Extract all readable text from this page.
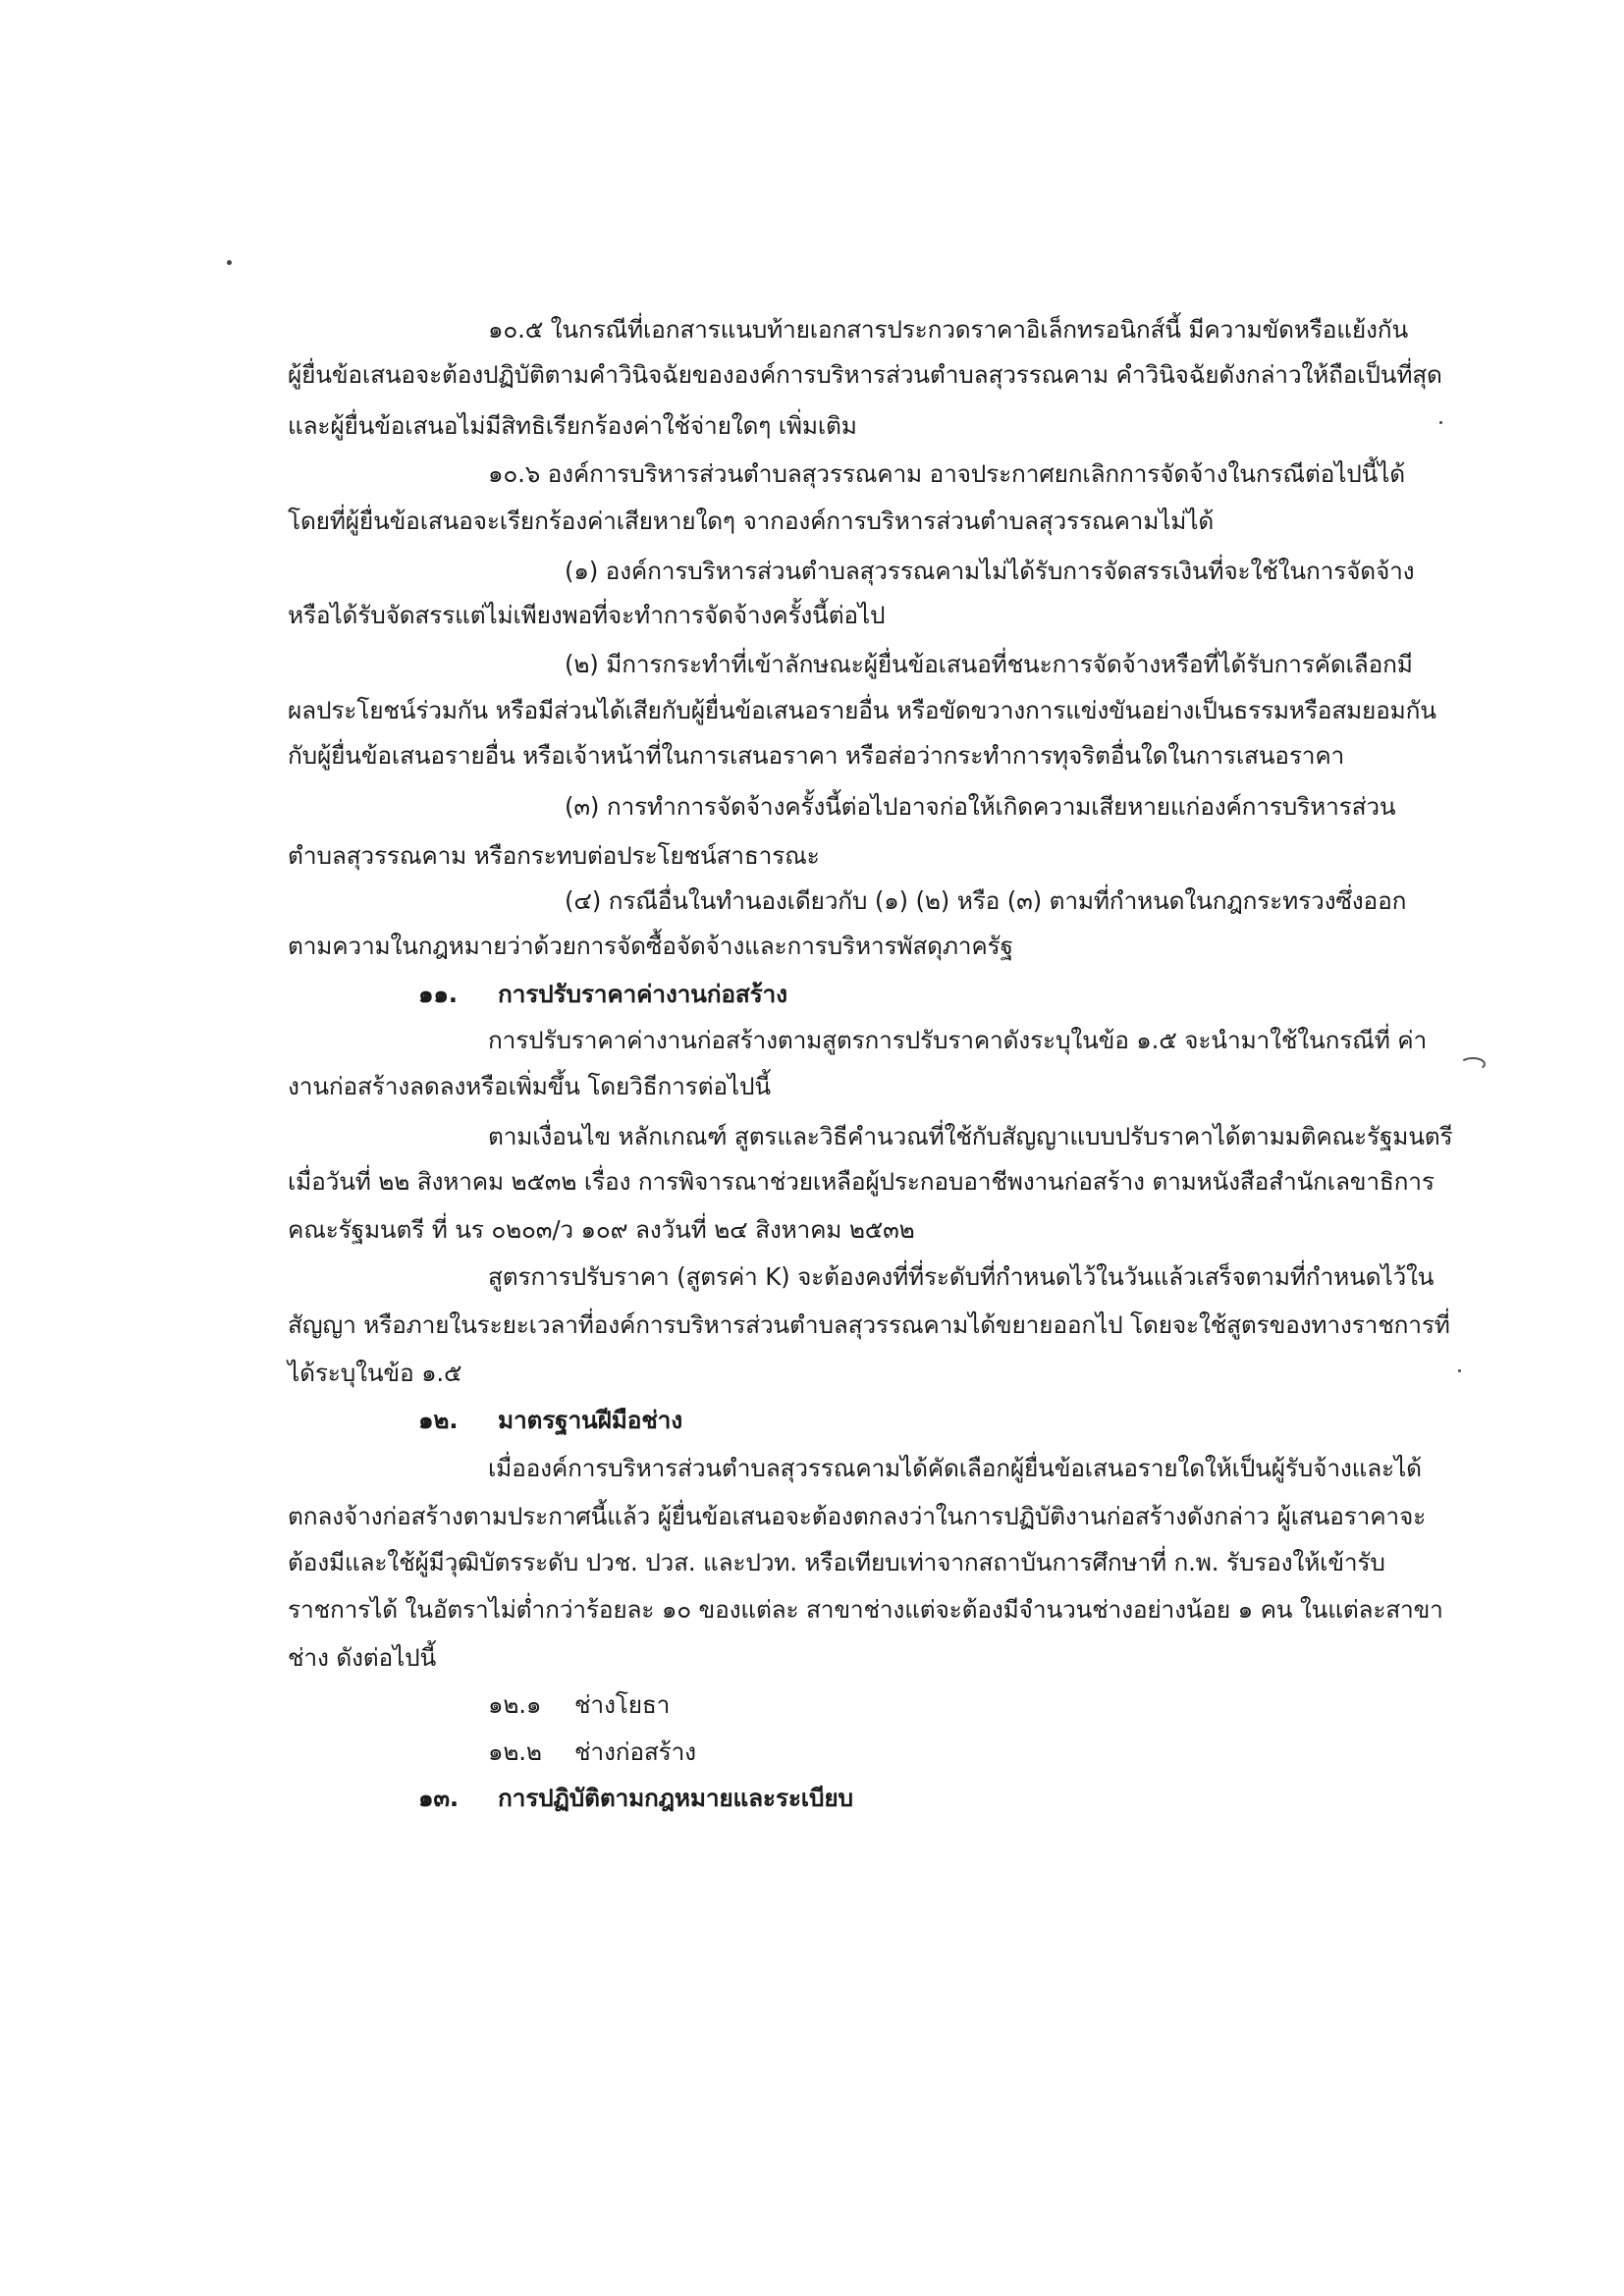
๑๐.๕ ในกรณีที่เอกสารแนบท้ายเอกสารประกวดราคาอิเล็กทรอนิกส์นี้ มีความขัดหรือแย้งกัน
ผู้ยื่นข้อเสนอจะต้องปฏิบัติตามคำวินิจฉัยขององค์การบริหารส่วนตำบลสุวรรณคาม คำวินิจฉัยดังกล่าวให้ถือเป็นที่สุด
และผู้ยื่นข้อเสนอไม่มีสิทธิเรียกร้องค่าใช้จ่ายใดๆ เพิ่มเติม
๑๐.๖ องค์การบริหารส่วนตำบลสุวรรณคาม อาจประกาศยกเลิกการจัดจ้างในกรณีต่อไปนี้ได้
โดยที่ผู้ยื่นข้อเสนอจะเรียกร้องค่าเสียหายใดๆ จากองค์การบริหารส่วนตำบลสุวรรณคามไม่ได้
(๑) องค์การบริหารส่วนตำบลสุวรรณคามไม่ได้รับการจัดสรรเงินที่จะใช้ในการจัดจ้าง
หรือได้รับจัดสรรแต่ไม่เพียงพอที่จะทำการจัดจ้างครั้งนี้ต่อไป
(๒) มีการกระทำที่เข้าลักษณะผู้ยื่นข้อเสนอที่ชนะการจัดจ้างหรือที่ได้รับการคัดเลือกมี
ผลประโยชน์ร่วมกัน หรือมีส่วนได้เสียกับผู้ยื่นข้อเสนอรายอื่น หรือขัดขวางการแข่งขันอย่างเป็นธรรมหรือสมยอมกัน
กับผู้ยื่นข้อเสนอรายอื่น หรือเจ้าหน้าที่ในการเสนอราคา หรือส่อว่ากระทำการทุจริตอื่นใดในการเสนอราคา
(๓) การทำการจัดจ้างครั้งนี้ต่อไปอาจก่อให้เกิดความเสียหายแก่องค์การบริหารส่วน
ตำบลสุวรรณคาม หรือกระทบต่อประโยชน์สาธารณะ
(๔) กรณีอื่นในทำนองเดียวกับ (๑) (๒) หรือ (๓) ตามที่กำหนดในกฎกระทรวงซึ่งออก
ตามความในกฎหมายว่าด้วยการจัดซื้อจัดจ้างและการบริหารพัสดุภาครัฐ
๑๑. การปรับราคาค่างานก่อสร้าง
การปรับราคาค่างานก่อสร้างตามสูตรการปรับราคาดังระบุในข้อ ๑.๕ จะนำมาใช้ในกรณีที่ ค่า
งานก่อสร้างลดลงหรือเพิ่มขึ้น โดยวิธีการต่อไปนี้
ตามเงื่อนไข หลักเกณฑ์ สูตรและวิธีคำนวณที่ใช้กับสัญญาแบบปรับราคาได้ตามมติคณะรัฐมนตรี
เมื่อวันที่ ๒๒ สิงหาคม ๒๕๓๒ เรื่อง การพิจารณาช่วยเหลือผู้ประกอบอาชีพงานก่อสร้าง ตามหนังสือสำนักเลขาธิการ
คณะรัฐมนตรี ที่ นร ๐๒๐๓/ว ๑๐๙ ลงวันที่ ๒๔ สิงหาคม ๒๕๓๒
สูตรการปรับราคา (สูตรค่า K) จะต้องคงที่ที่ระดับที่กำหนดไว้ในวันแล้วเสร็จตามที่กำหนดไว้ใน
สัญญา หรือภายในระยะเวลาที่องค์การบริหารส่วนตำบลสุวรรณคามได้ขยายออกไป โดยจะใช้สูตรของทางราชการที่
ได้ระบุในข้อ ๑.๕
๑๒. มาตรฐานฝีมือช่าง
เมื่อองค์การบริหารส่วนตำบลสุวรรณคามได้คัดเลือกผู้ยื่นข้อเสนอรายใดให้เป็นผู้รับจ้างและได้
ตกลงจ้างก่อสร้างตามประกาศนี้แล้ว ผู้ยื่นข้อเสนอจะต้องตกลงว่าในการปฏิบัติงานก่อสร้างดังกล่าว ผู้เสนอราคาจะ
ต้องมีและใช้ผู้มีวุฒิบัตรระดับ ปวช. ปวส. และปวท. หรือเทียบเท่าจากสถาบันการศึกษาที่ ก.พ. รับรองให้เข้ารับ
ราชการได้ ในอัตราไม่ต่ำกว่าร้อยละ ๑๐ ของแต่ละ สาขาช่างแต่จะต้องมีจำนวนช่างอย่างน้อย ๑ คน ในแต่ละสาขา
ช่าง ดังต่อไปนี้
๑๒.๑ ช่างโยธา
๑๒.๒ ช่างก่อสร้าง
๑๓. การปฏิบัติตามกฎหมายและระเบียบ
